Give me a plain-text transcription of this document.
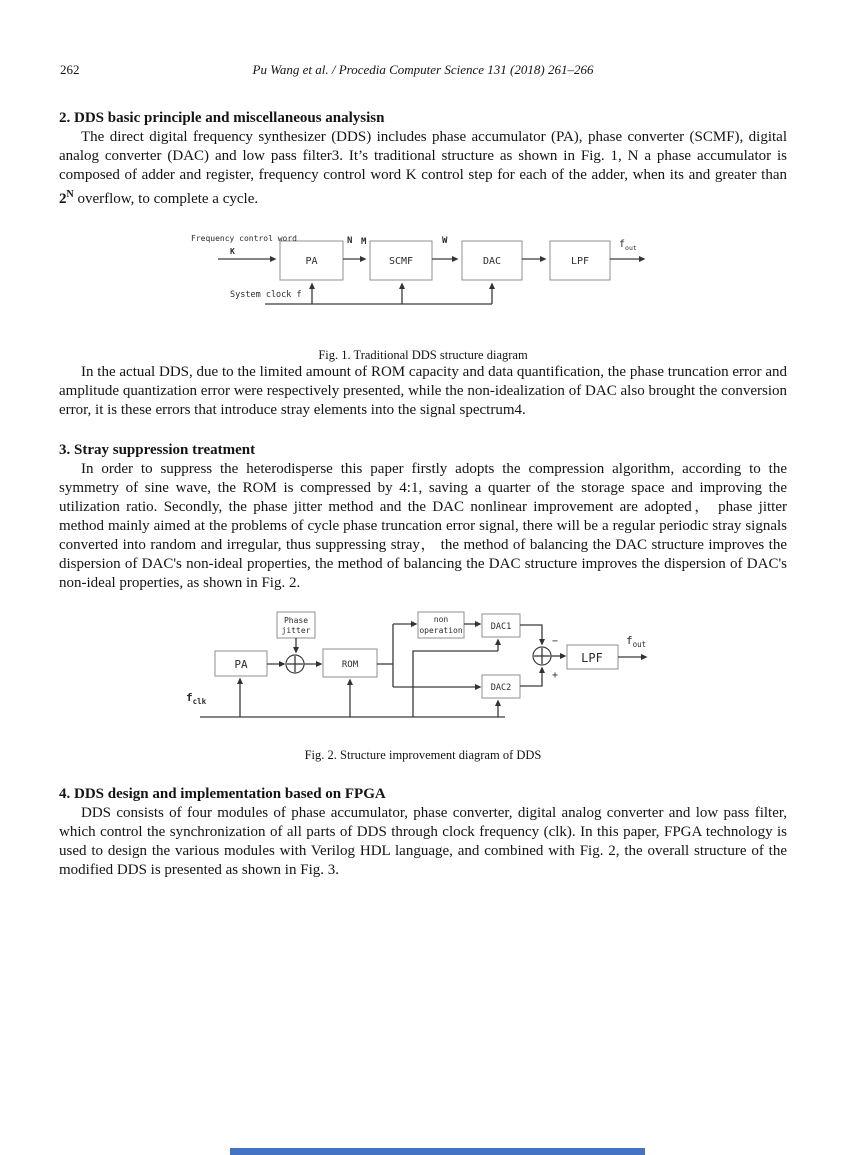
262	Pu Wang et al. / Procedia Computer Science 131 (2018) 261–266
2. DDS basic principle and miscellaneous analysisn

The direct digital frequency synthesizer (DDS) includes phase accumulator (PA), phase converter (SCMF), digital analog converter (DAC) and low pass filter3. It’s traditional structure as shown in Fig. 1, N a phase accumulator is composed of adder and register, frequency control word K control step for each of the adder, when its and greater than $2^N$ overflow, to complete a cycle.

Frequency control word
K
PA
N M
SCMF
W
DAC	LPF
$f_{out}$
System clock f
Fig. 1. Traditional DDS structure diagram

In the actual DDS, due to the limited amount of ROM capacity and data quantification, the phase truncation error and amplitude quantization error were respectively presented, while the non-idealization of DAC also brought the conversion error, it is these errors that introduce stray elements into the signal spectrum4.

3. Stray suppression treatment

In order to suppress the heterodisperse this paper firstly adopts the compression algorithm, according to the symmetry of sine wave, the ROM is compressed by 4:1, saving a quarter of the storage space and improving the utilization ratio. Secondly, the phase jitter method and the DAC nonlinear improvement are adopted， phase jitter method mainly aimed at the problems of cycle phase truncation error signal, there will be a regular periodic stray signals converted into random and irregular, thus suppressing stray， the method of balancing the DAC structure improves the dispersion of DAC's non-ideal properties, the method of balancing the DAC structure improves the dispersion of DAC's non-ideal properties, as shown in Fig. 2.

PA
Phase
jitter
ROM
non
operation	DAC1
DAC2
−
+
LPF
$f_{out}$
$f_{clk}$
Fig. 2. Structure improvement diagram of DDS
4. DDS design and implementation based on FPGA

DDS consists of four modules of phase accumulator, phase converter, digital analog converter and low pass filter, which control the synchronization of all parts of DDS through clock frequency (clk). In this paper, FPGA technology is used to design the various modules with Verilog HDL language, and combined with Fig. 2, the overall structure of the modified DDS is presented as shown in Fig. 3.
